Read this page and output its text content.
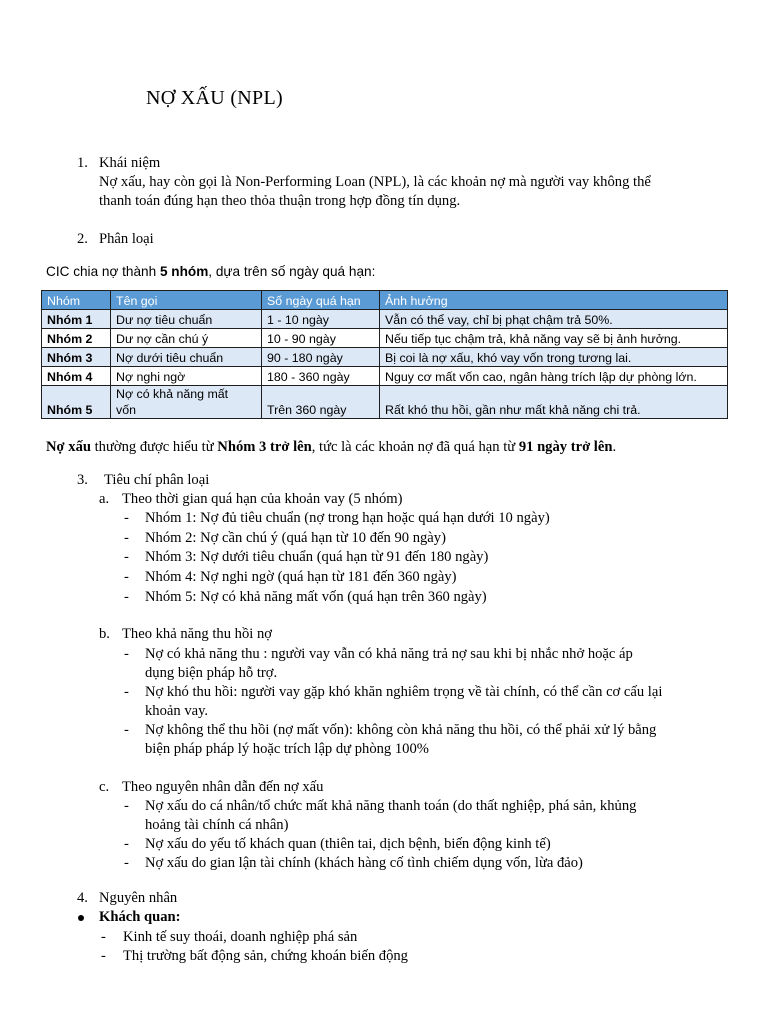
NỢ XẤU (NPL)
1. Khái niệm
Nợ xấu, hay còn gọi là Non-Performing Loan (NPL), là các khoản nợ mà người vay không thể
thanh toán đúng hạn theo thỏa thuận trong hợp đồng tín dụng.
2. Phân loại
CIC chia nợ thành 5 nhóm, dựa trên số ngày quá hạn:
Nhóm	Tên gọi	Số ngày quá hạn	Ảnh hưởng
Nhóm 1	Dư nợ tiêu chuẩn	1 - 10 ngày	Vẫn có thể vay, chỉ bị phạt chậm trả 50%.
Nhóm 2	Dư nợ cần chú ý	10 - 90 ngày	Nếu tiếp tục chậm trả, khả năng vay sẽ bị ảnh hưởng.
Nhóm 3	Nợ dưới tiêu chuẩn	90 - 180 ngày	Bị coi là nợ xấu, khó vay vốn trong tương lai.
Nhóm 4	Nợ nghi ngờ	180 - 360 ngày	Nguy cơ mất vốn cao, ngân hàng trích lập dự phòng lớn.
Nhóm 5	Nợ có khả năng mất vốn	Trên 360 ngày	Rất khó thu hồi, gần như mất khả năng chi trả.
Nợ xấu thường được hiểu từ Nhóm 3 trở lên, tức là các khoản nợ đã quá hạn từ 91 ngày trở lên.
3. Tiêu chí phân loại
a. Theo thời gian quá hạn của khoản vay (5 nhóm)
- Nhóm 1: Nợ đủ tiêu chuẩn (nợ trong hạn hoặc quá hạn dưới 10 ngày)
- Nhóm 2: Nợ cần chú ý (quá hạn từ 10 đến 90 ngày)
- Nhóm 3: Nợ dưới tiêu chuẩn (quá hạn từ 91 đến 180 ngày)
- Nhóm 4: Nợ nghi ngờ (quá hạn từ 181 đến 360 ngày)
- Nhóm 5: Nợ có khả năng mất vốn (quá hạn trên 360 ngày)
b. Theo khả năng thu hồi nợ
- Nợ có khả năng thu : người vay vẫn có khả năng trả nợ sau khi bị nhắc nhở hoặc áp
dụng biện pháp hỗ trợ.
- Nợ khó thu hồi: người vay gặp khó khăn nghiêm trọng về tài chính, có thể cần cơ cấu lại
khoản vay.
- Nợ không thể thu hồi (nợ mất vốn): không còn khả năng thu hồi, có thể phải xử lý bằng
biện pháp pháp lý hoặc trích lập dự phòng 100%
c. Theo nguyên nhân dẫn đến nợ xấu
- Nợ xấu do cá nhân/tổ chức mất khả năng thanh toán (do thất nghiệp, phá sản, khủng
hoảng tài chính cá nhân)
- Nợ xấu do yếu tố khách quan (thiên tai, dịch bệnh, biến động kinh tế)
- Nợ xấu do gian lận tài chính (khách hàng cố tình chiếm dụng vốn, lừa đảo)
4. Nguyên nhân
Khách quan:
- Kinh tế suy thoái, doanh nghiệp phá sản
- Thị trường bất động sản, chứng khoán biến động
